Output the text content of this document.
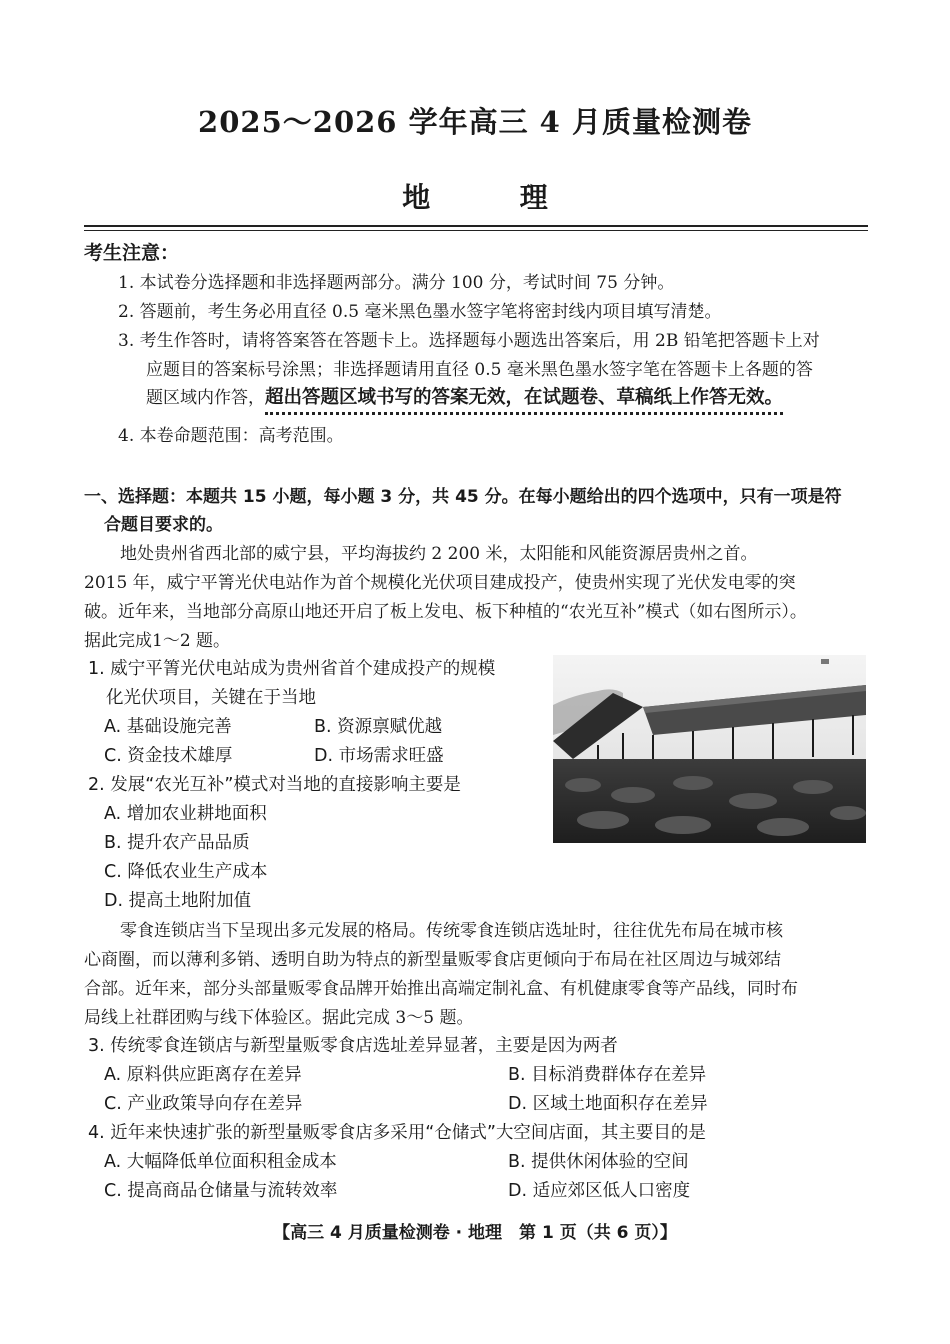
2025～2026 学年高三 4 月质量检测卷
地	理
考生注意：
1. 本试卷分选择题和非选择题两部分。满分 100 分，考试时间 75 分钟。
2. 答题前，考生务必用直径 0.5 毫米黑色墨水签字笔将密封线内项目填写清楚。
3. 考生作答时，请将答案答在答题卡上。选择题每小题选出答案后，用 2B 铅笔把答题卡上对
应题目的答案标号涂黑；非选择题请用直径 0.5 毫米黑色墨水签字笔在答题卡上各题的答
题区域内作答，超出答题区域书写的答案无效，在试题卷、草稿纸上作答无效。
4. 本卷命题范围：高考范围。
一、选择题：本题共 15 小题，每小题 3 分，共 45 分。在每小题给出的四个选项中，只有一项是符
合题目要求的。
地处贵州省西北部的威宁县，平均海拔约 2 200 米，太阳能和风能资源居贵州之首。
2015 年，威宁平箐光伏电站作为首个规模化光伏项目建成投产，使贵州实现了光伏发电零的突
破。近年来，当地部分高原山地还开启了板上发电、板下种植的“农光互补”模式（如右图所示）。
据此完成1～2 题。
1. 威宁平箐光伏电站成为贵州省首个建成投产的规模
化光伏项目，关键在于当地
A. 基础设施完善	B. 资源禀赋优越
C. 资金技术雄厚	D. 市场需求旺盛
2. 发展“农光互补”模式对当地的直接影响主要是
A. 增加农业耕地面积
B. 提升农产品品质
C. 降低农业生产成本
D. 提高土地附加值
零食连锁店当下呈现出多元发展的格局。传统零食连锁店选址时，往往优先布局在城市核
心商圈，而以薄利多销、透明自助为特点的新型量贩零食店更倾向于布局在社区周边与城郊结
合部。近年来，部分头部量贩零食品牌开始推出高端定制礼盒、有机健康零食等产品线，同时布
局线上社群团购与线下体验区。据此完成 3～5 题。
3. 传统零食连锁店与新型量贩零食店选址差异显著，主要是因为两者
A. 原料供应距离存在差异	B. 目标消费群体存在差异
C. 产业政策导向存在差异	D. 区域土地面积存在差异
4. 近年来快速扩张的新型量贩零食店多采用“仓储式”大空间店面，其主要目的是
A. 大幅降低单位面积租金成本	B. 提供休闲体验的空间
C. 提高商品仓储量与流转效率	D. 适应郊区低人口密度
【高三 4 月质量检测卷 · 地理　第 1 页（共 6 页）】
